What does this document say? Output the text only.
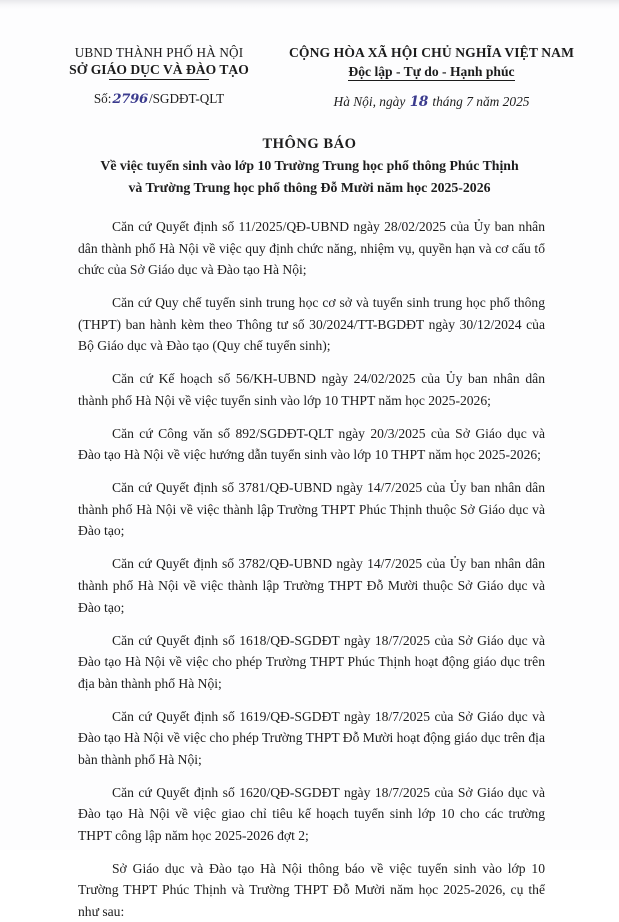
UBND THÀNH PHỐ HÀ NỘI
SỞ GIÁO DỤC VÀ ĐÀO TẠO
Số:2796/SGDĐT-QLT
CỘNG HÒA XÃ HỘI CHỦ NGHĨA VIỆT NAM
Độc lập - Tự do - Hạnh phúc
Hà Nội, ngày 18 tháng 7 năm 2025
THÔNG BÁO
Về việc tuyển sinh vào lớp 10 Trường Trung học phổ thông Phúc Thịnh
và Trường Trung học phổ thông Đỗ Mười năm học 2025-2026

Căn cứ Quyết định số 11/2025/QĐ-UBND ngày 28/02/2025 của Ủy ban nhân dân thành phố Hà Nội về việc quy định chức năng, nhiệm vụ, quyền hạn và cơ cấu tổ chức của Sở Giáo dục và Đào tạo Hà Nội;

Căn cứ Quy chế tuyển sinh trung học cơ sở và tuyển sinh trung học phổ thông (THPT) ban hành kèm theo Thông tư số 30/2024/TT-BGDĐT ngày 30/12/2024 của Bộ Giáo dục và Đào tạo (Quy chế tuyển sinh);

Căn cứ Kế hoạch số 56/KH-UBND ngày 24/02/2025 của Ủy ban nhân dân thành phố Hà Nội về việc tuyển sinh vào lớp 10 THPT năm học 2025-2026;

Căn cứ Công văn số 892/SGDĐT-QLT ngày 20/3/2025 của Sở Giáo dục và Đào tạo Hà Nội về việc hướng dẫn tuyển sinh vào lớp 10 THPT năm học 2025-2026;

Căn cứ Quyết định số 3781/QĐ-UBND ngày 14/7/2025 của Ủy ban nhân dân thành phố Hà Nội về việc thành lập Trường THPT Phúc Thịnh thuộc Sở Giáo dục và Đào tạo;

Căn cứ Quyết định số 3782/QĐ-UBND ngày 14/7/2025 của Ủy ban nhân dân thành phố Hà Nội về việc thành lập Trường THPT Đỗ Mười thuộc Sở Giáo dục và Đào tạo;

Căn cứ Quyết định số 1618/QĐ-SGDĐT ngày 18/7/2025 của Sở Giáo dục và Đào tạo Hà Nội về việc cho phép Trường THPT Phúc Thịnh hoạt động giáo dục trên địa bàn thành phố Hà Nội;

Căn cứ Quyết định số 1619/QĐ-SGDĐT ngày 18/7/2025 của Sở Giáo dục và Đào tạo Hà Nội về việc cho phép Trường THPT Đỗ Mười hoạt động giáo dục trên địa bàn thành phố Hà Nội;

Căn cứ Quyết định số 1620/QĐ-SGDĐT ngày 18/7/2025 của Sở Giáo dục và Đào tạo Hà Nội về việc giao chỉ tiêu kế hoạch tuyển sinh lớp 10 cho các trường THPT công lập năm học 2025-2026 đợt 2;

Sở Giáo dục và Đào tạo Hà Nội thông báo về việc tuyển sinh vào lớp 10 Trường THPT Phúc Thịnh và Trường THPT Đỗ Mười năm học 2025-2026, cụ thể như sau:
